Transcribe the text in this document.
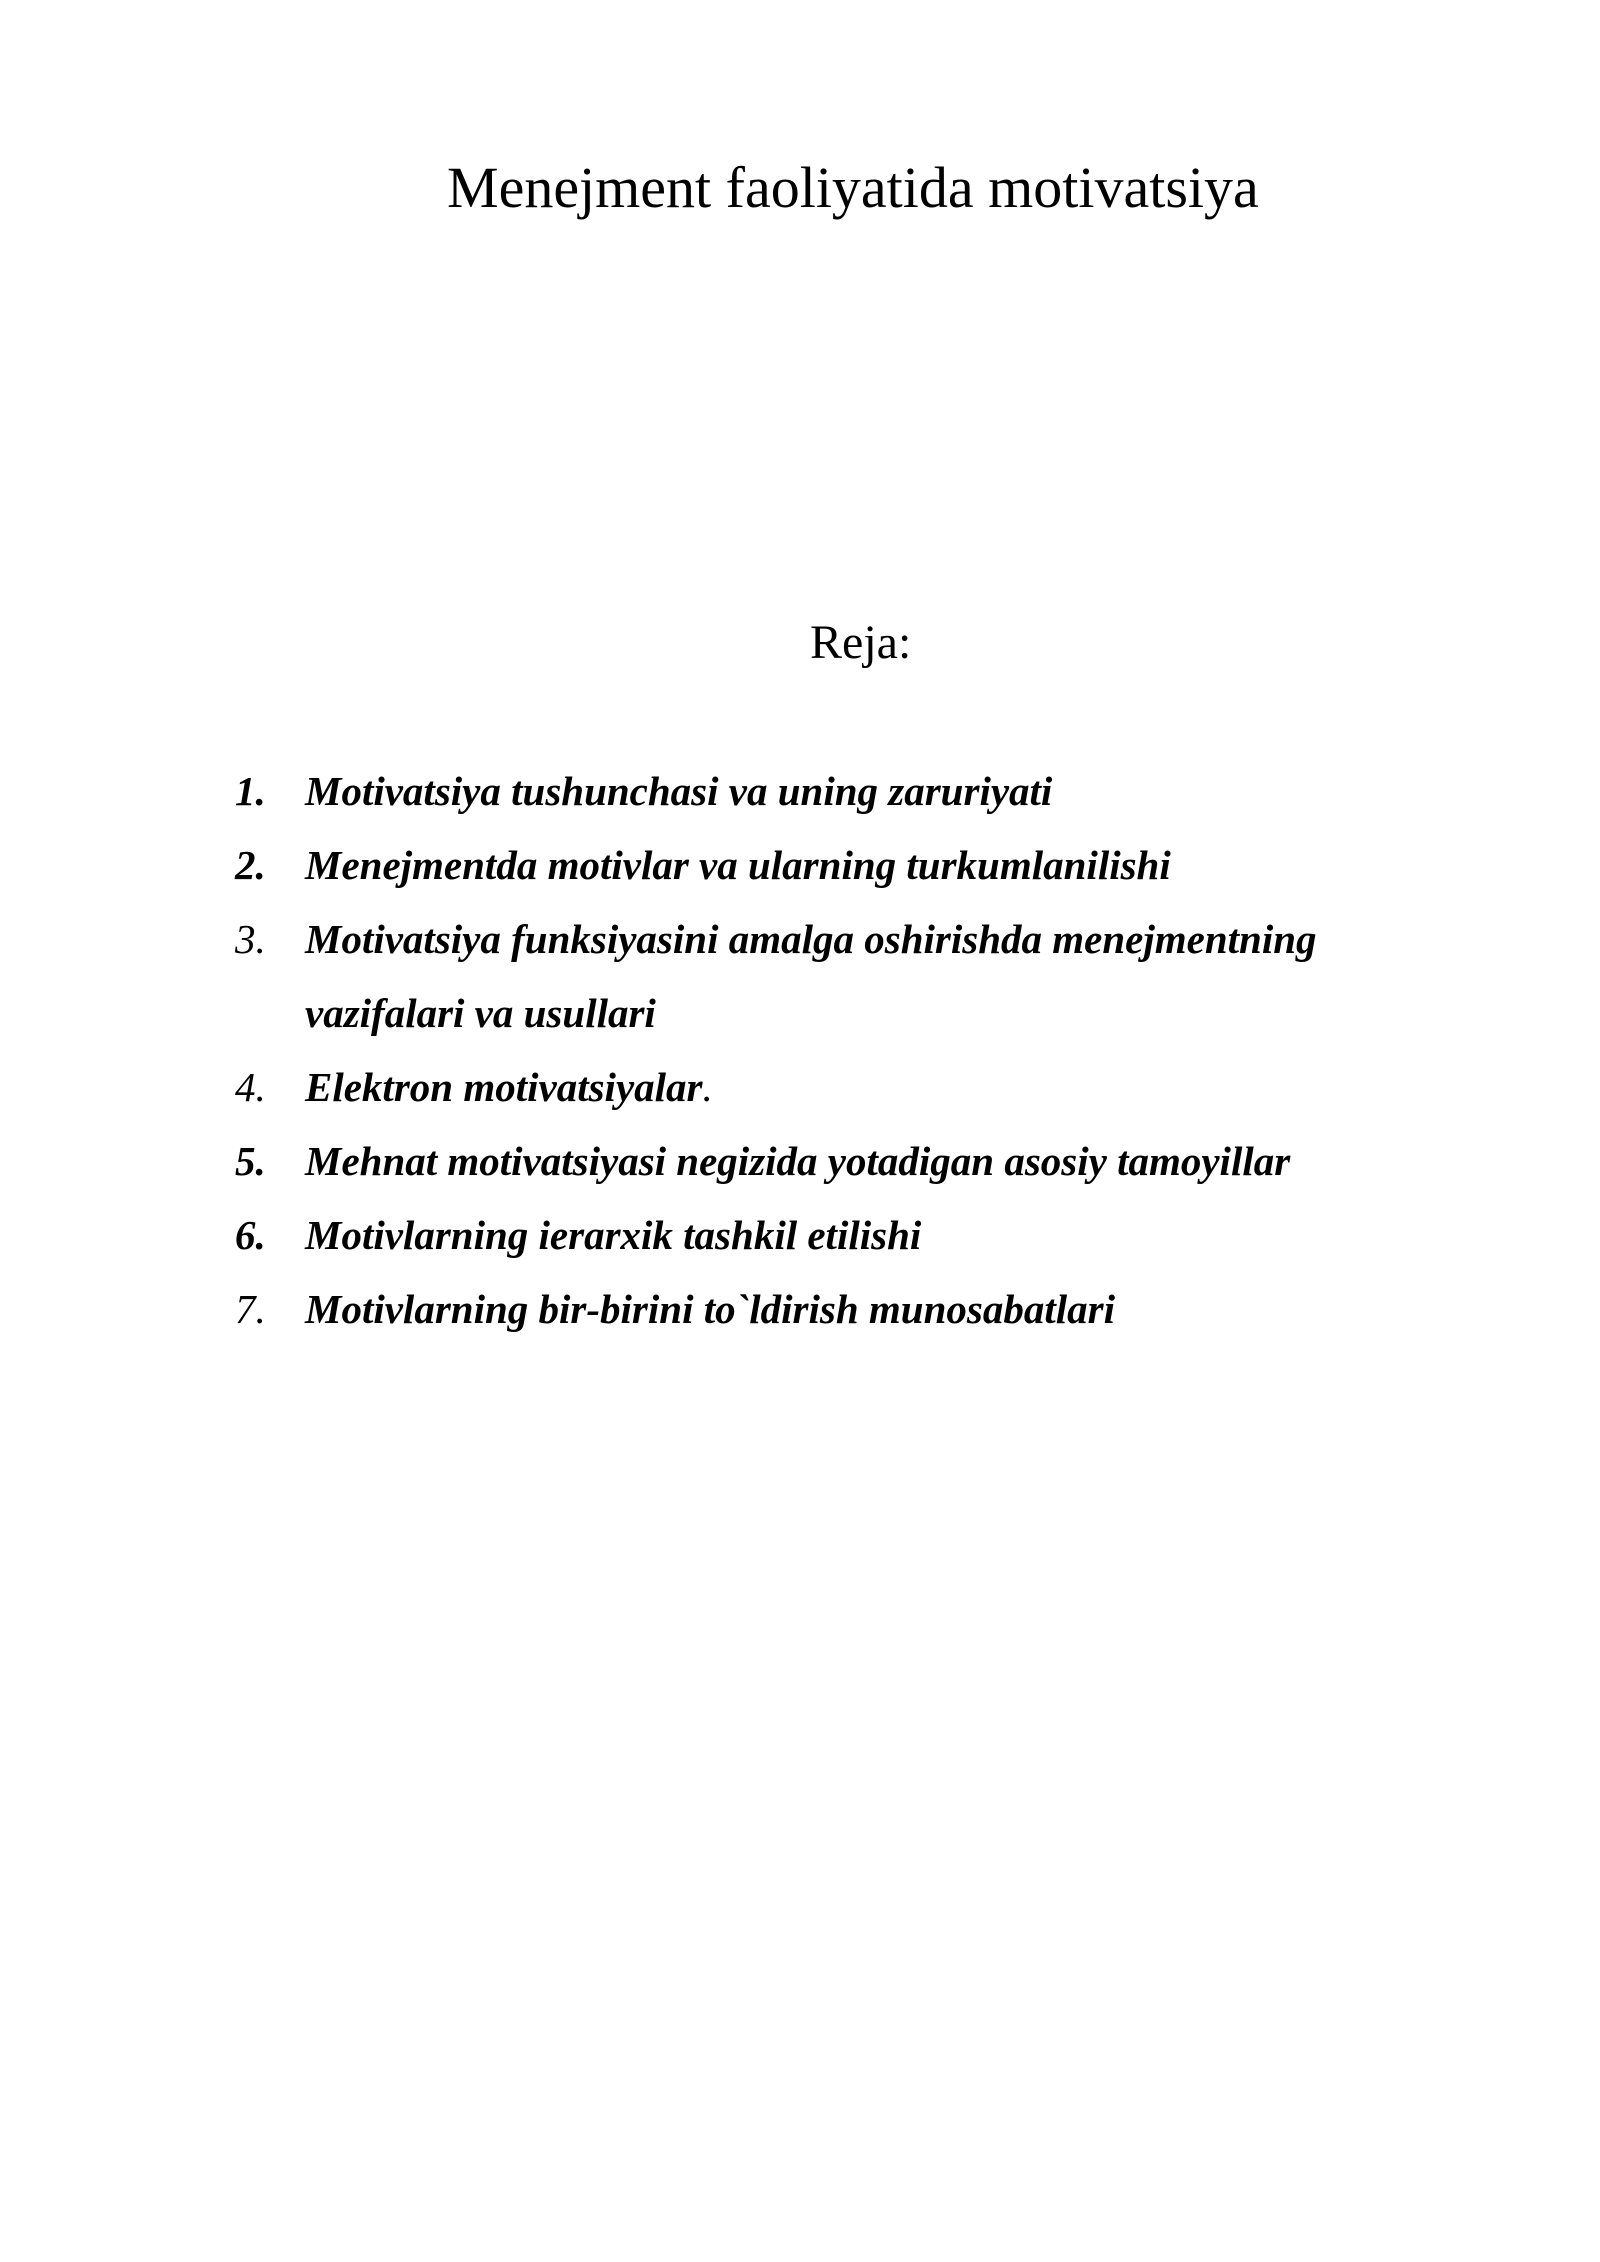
Menejment faoliyatida motivatsiya
Reja:
1. Motivatsiya tushunchasi va uning zaruriyati
2. Menejmentda motivlar va ularning turkumlanilishi
3. Motivatsiya funksiyasini amalga oshirishda menejmentning vazifalari va usullari
4. Elektron motivatsiyalar.
5. Mehnat motivatsiyasi negizida yotadigan asosiy tamoyillar
6. Motivlarning ierarxik tashkil etilishi
7. Motivlarning bir-birini to`ldirish munosabatlari
